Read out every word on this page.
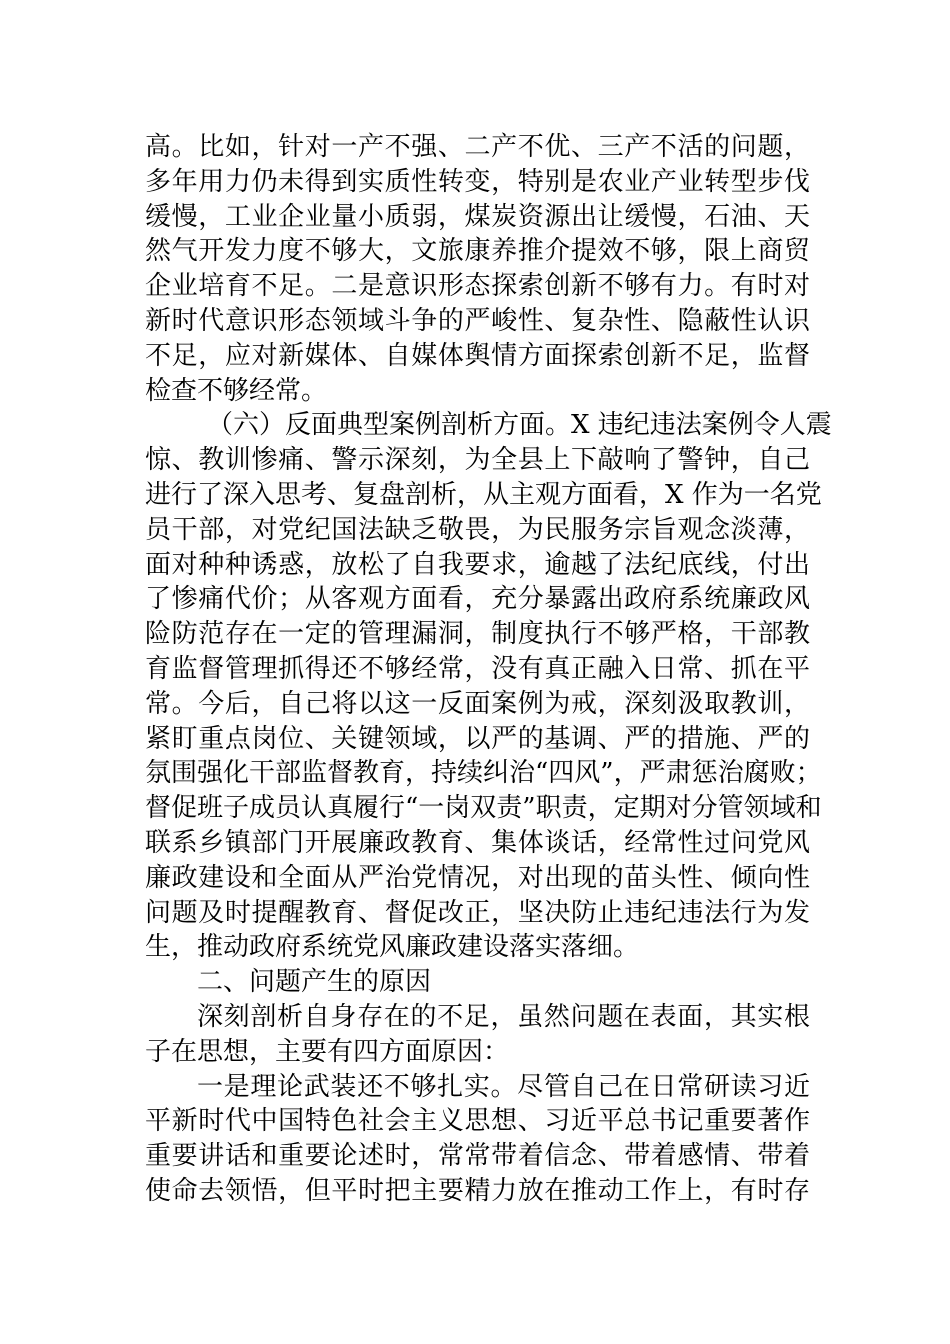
高。比如，针对一产不强、二产不优、三产不活的问题，
多年用力仍未得到实质性转变，特别是农业产业转型步伐
缓慢，工业企业量小质弱，煤炭资源出让缓慢，石油、天
然气开发力度不够大，文旅康养推介提效不够，限上商贸
企业培育不足。二是意识形态探索创新不够有力。有时对
新时代意识形态领域斗争的严峻性、复杂性、隐蔽性认识
不足，应对新媒体、自媒体舆情方面探索创新不足，监督
检查不够经常。
（六）反面典型案例剖析方面。X 违纪违法案例令人震
惊、教训惨痛、警示深刻，为全县上下敲响了警钟，自己
进行了深入思考、复盘剖析，从主观方面看，X 作为一名党
员干部，对党纪国法缺乏敬畏，为民服务宗旨观念淡薄，
面对种种诱惑，放松了自我要求，逾越了法纪底线，付出
了惨痛代价；从客观方面看，充分暴露出政府系统廉政风
险防范存在一定的管理漏洞，制度执行不够严格，干部教
育监督管理抓得还不够经常，没有真正融入日常、抓在平
常。今后，自己将以这一反面案例为戒，深刻汲取教训，
紧盯重点岗位、关键领域，以严的基调、严的措施、严的
氛围强化干部监督教育，持续纠治“四风”，严肃惩治腐败；
督促班子成员认真履行“一岗双责”职责，定期对分管领域和
联系乡镇部门开展廉政教育、集体谈话，经常性过问党风
廉政建设和全面从严治党情况，对出现的苗头性、倾向性
问题及时提醒教育、督促改正，坚决防止违纪违法行为发
生，推动政府系统党风廉政建设落实落细。
二、问题产生的原因
深刻剖析自身存在的不足，虽然问题在表面，其实根
子在思想，主要有四方面原因：
一是理论武装还不够扎实。尽管自己在日常研读习近
平新时代中国特色社会主义思想、习近平总书记重要著作
重要讲话和重要论述时，常常带着信念、带着感情、带着
使命去领悟，但平时把主要精力放在推动工作上，有时存
